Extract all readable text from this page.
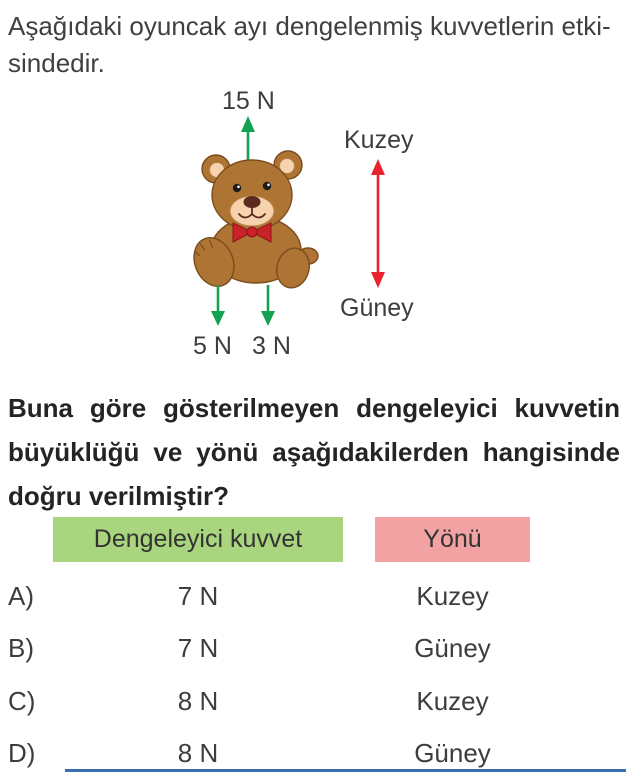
Aşağıdaki oyuncak ayı dengelenmiş kuvvetlerin etki-
sindedir.
15 N
5 N 3 N
Kuzey
Güney
Buna göre gösterilmeyen dengeleyici kuvvetin
büyüklüğü ve yönü aşağıdakilerden hangisinde
doğru verilmiştir?
Dengeleyici kuvvet	Yönü
A)	7 N	Kuzey
B)	7 N	Güney
C)	8 N	Kuzey
D)	8 N	Güney
